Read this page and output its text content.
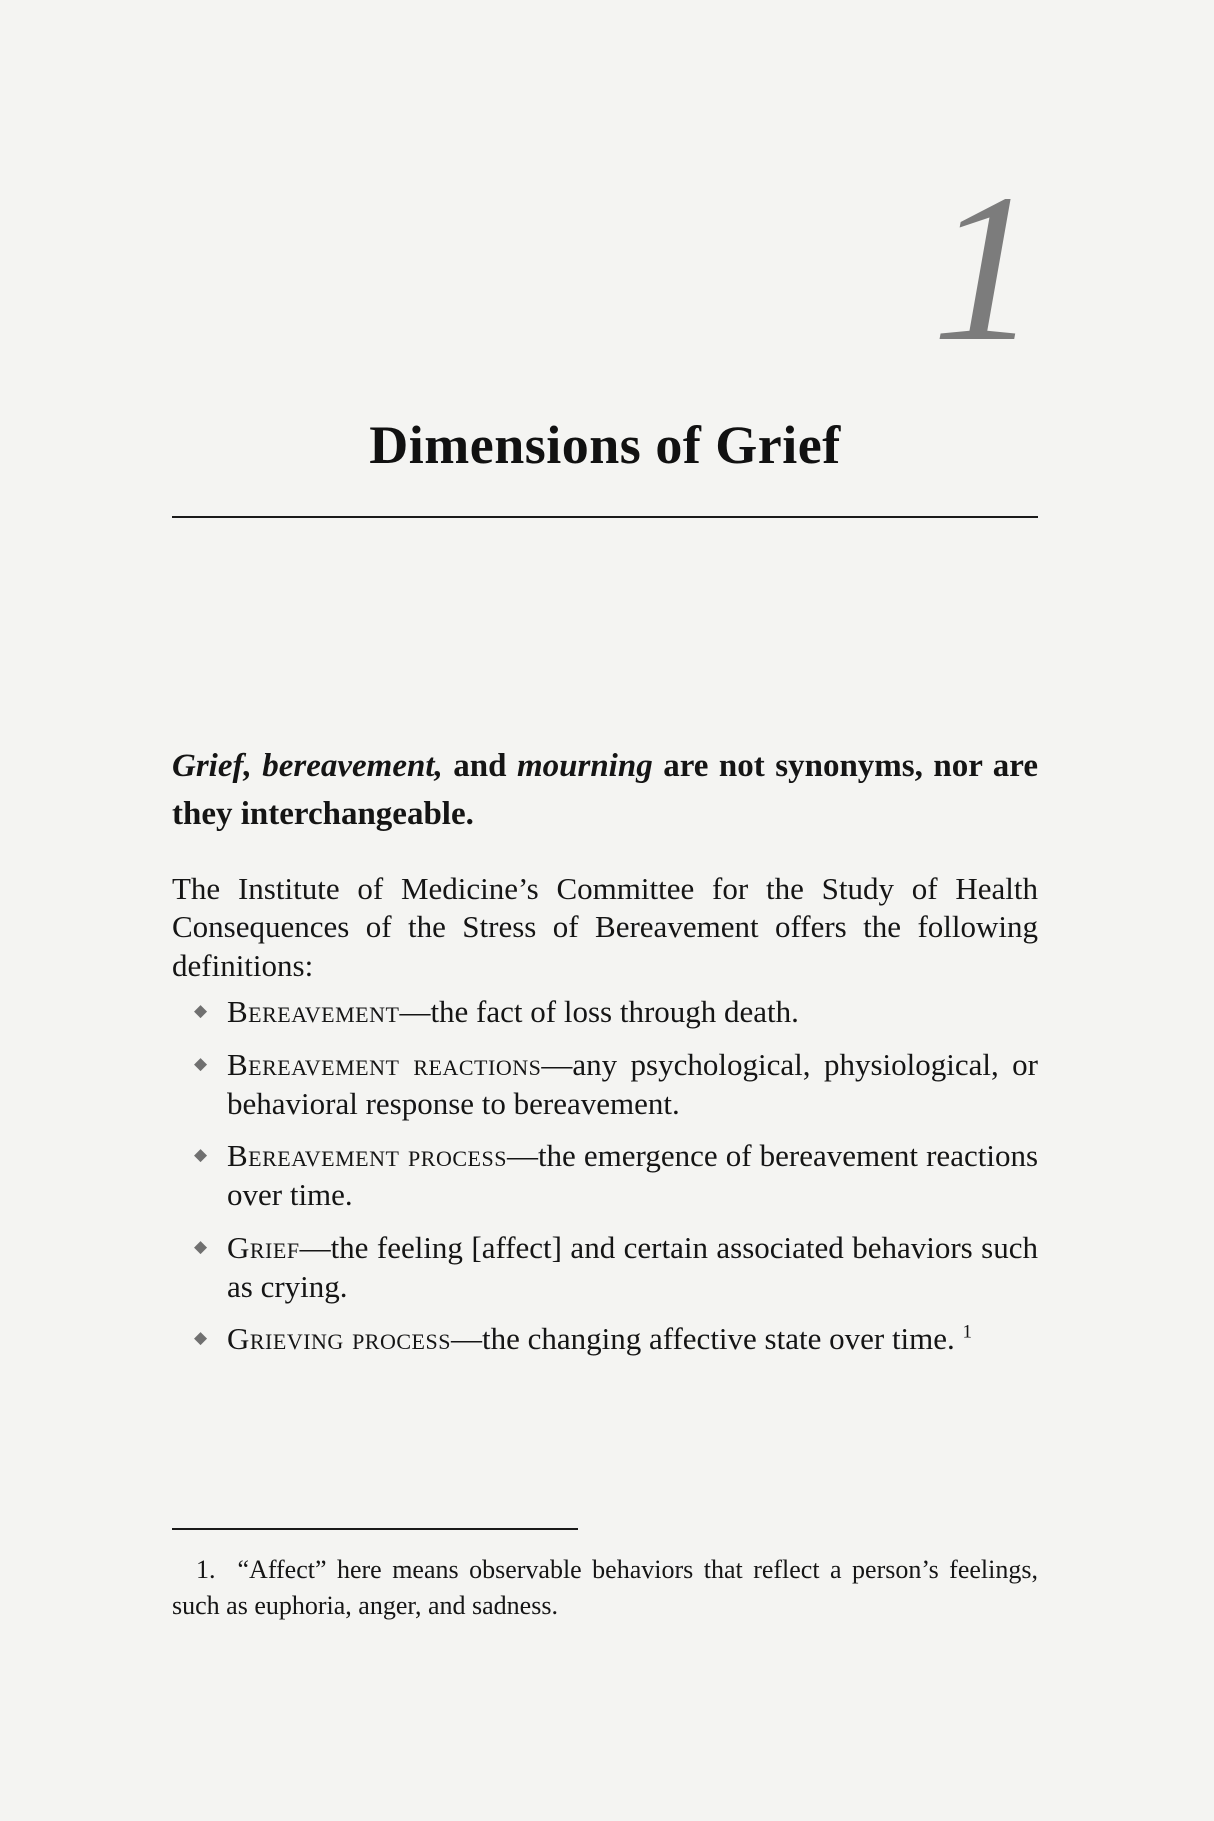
1
Dimensions of Grief

Grief, bereavement, and mourning are not synonyms, nor are they interchangeable.

The Institute of Medicine’s Committee for the Study of Health Consequences of the Stress of Bereavement offers the following definitions:

◆ Bereavement—the fact of loss through death.
◆ Bereavement reactions—any psychological, physiological, or behavioral response to bereavement.
◆ Bereavement process—the emergence of bereavement reactions over time.
◆ Grief—the feeling [affect] and certain associated behaviors such as crying.
◆ Grieving process—the changing affective state over time. $^1$

1. “Affect” here means observable behaviors that reflect a person’s feelings, such as euphoria, anger, and sadness.
